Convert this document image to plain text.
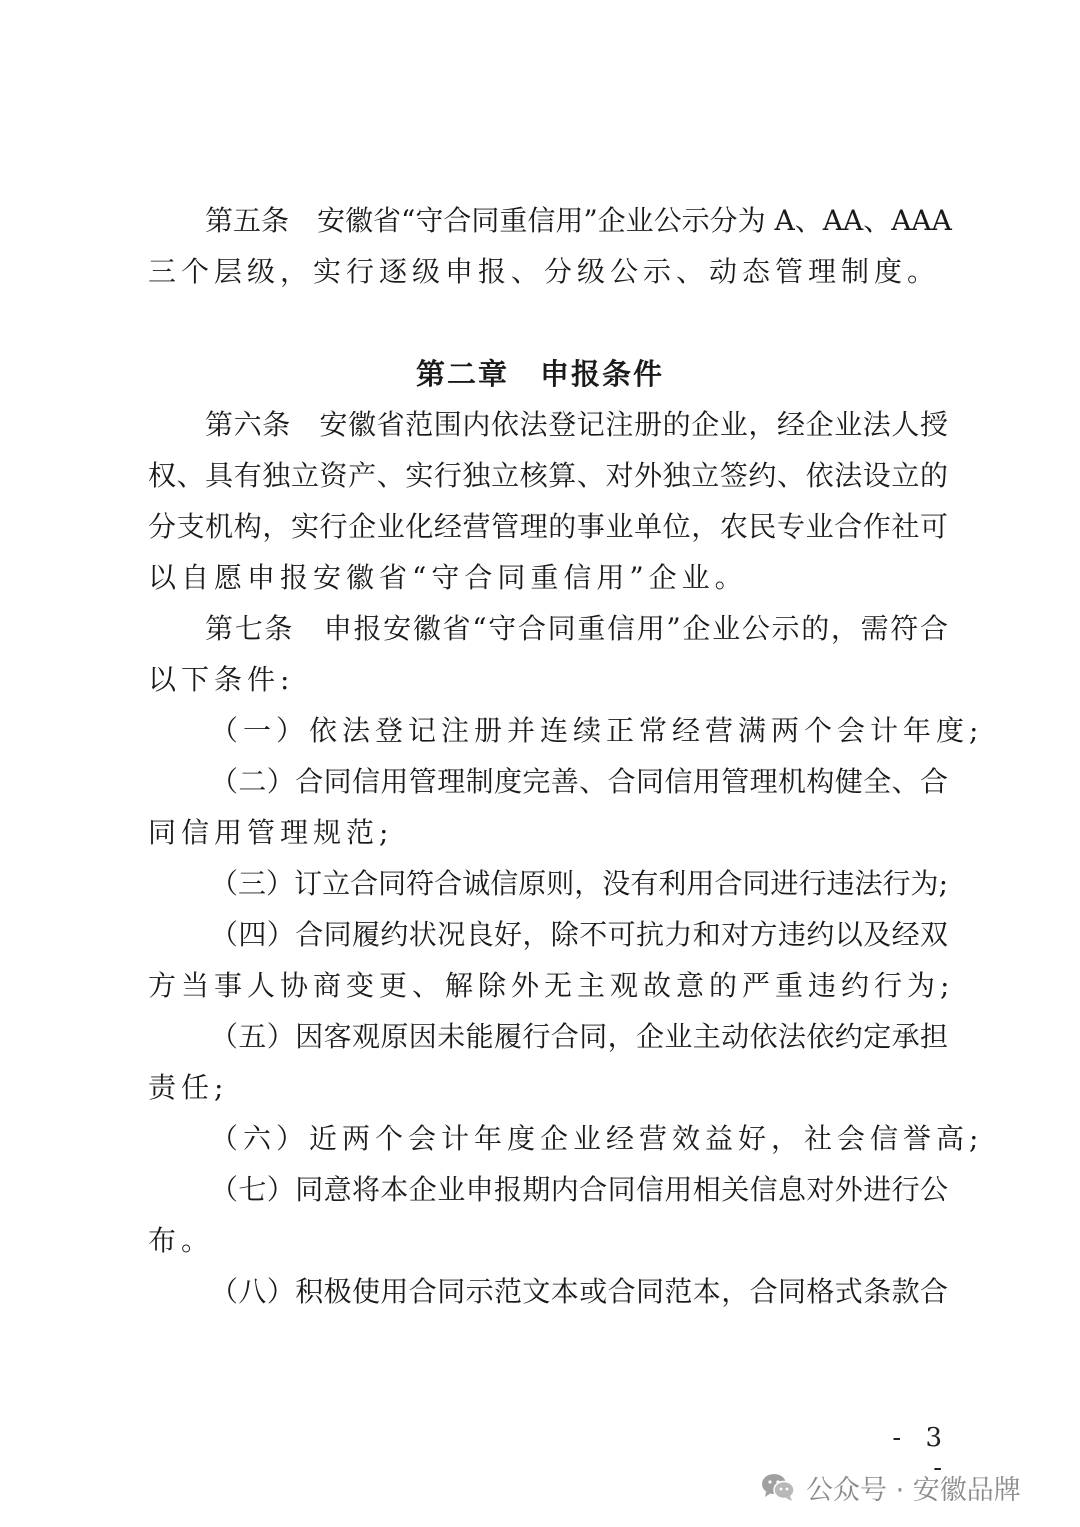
第五条　安徽省“守合同重信用”企业公示分为 A、AA、AAA
三个层级，实行逐级申报、分级公示、动态管理制度。
第二章　申报条件
第六条　安徽省范围内依法登记注册的企业，经企业法人授
权、具有独立资产、实行独立核算、对外独立签约、依法设立的
分支机构，实行企业化经营管理的事业单位，农民专业合作社可
以自愿申报安徽省“守合同重信用”企业。
第七条　申报安徽省“守合同重信用”企业公示的，需符合
以下条件:
（一）依法登记注册并连续正常经营满两个会计年度;
（二）合同信用管理制度完善、合同信用管理机构健全、合
同信用管理规范;
（三）订立合同符合诚信原则，没有利用合同进行违法行为;
（四）合同履约状况良好，除不可抗力和对方违约以及经双
方当事人协商变更、解除外无主观故意的严重违约行为;
（五）因客观原因未能履行合同，企业主动依法依约定承担
责任;
（六）近两个会计年度企业经营效益好，社会信誉高;
（七）同意将本企业申报期内合同信用相关信息对外进行公
布。
（八）积极使用合同示范文本或合同范本，合同格式条款合
- 3 -
公众号 · 安徽品牌
